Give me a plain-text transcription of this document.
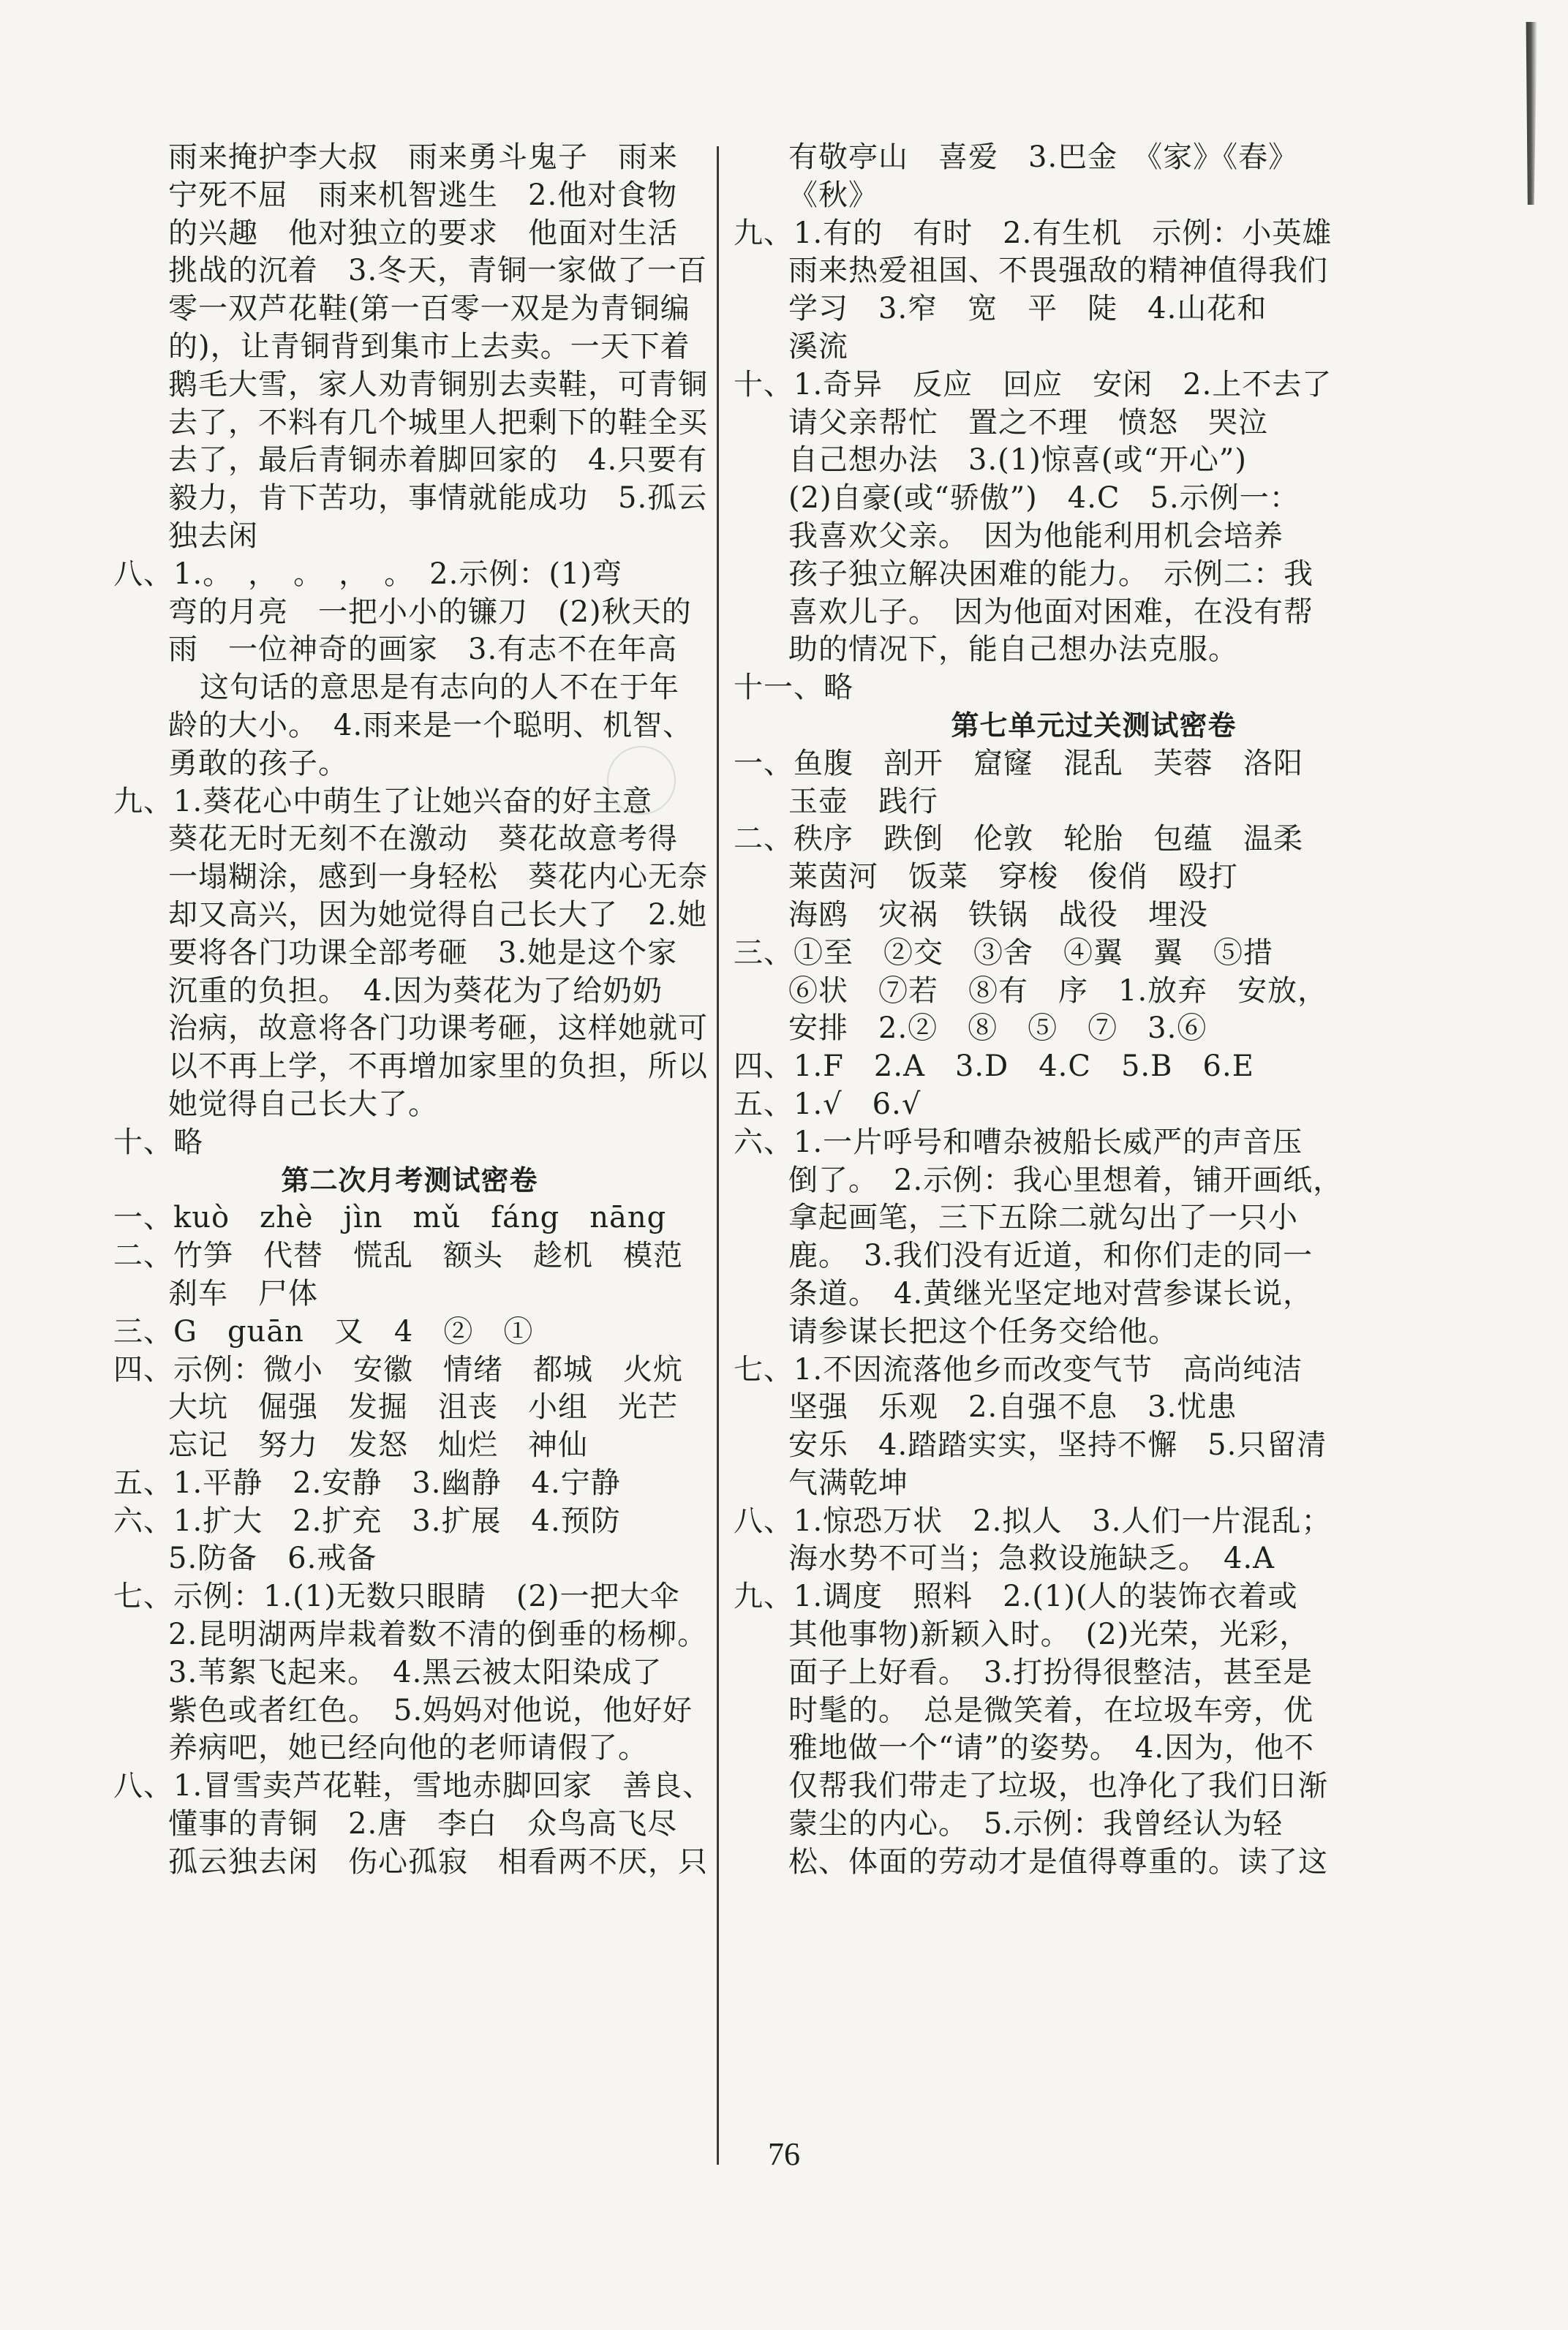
雨来掩护李大叔　雨来勇斗鬼子　雨来
宁死不屈　雨来机智逃生　2.他对食物
的兴趣　他对独立的要求　他面对生活
挑战的沉着　3.冬天，青铜一家做了一百
零一双芦花鞋(第一百零一双是为青铜编
的)，让青铜背到集市上去卖。一天下着
鹅毛大雪，家人劝青铜别去卖鞋，可青铜
去了，不料有几个城里人把剩下的鞋全买
去了，最后青铜赤着脚回家的　4.只要有
毅力，肯下苦功，事情就能成功　5.孤云
独去闲
八、1.。　，　。　，　。　2.示例：(1)弯
弯的月亮　一把小小的镰刀　(2)秋天的
雨　一位神奇的画家　3.有志不在年高
这句话的意思是有志向的人不在于年
龄的大小。　4.雨来是一个聪明、机智、
勇敢的孩子。
九、1.葵花心中萌生了让她兴奋的好主意
葵花无时无刻不在激动　葵花故意考得
一塌糊涂，感到一身轻松　葵花内心无奈
却又高兴，因为她觉得自己长大了　2.她
要将各门功课全部考砸　3.她是这个家
沉重的负担。　4.因为葵花为了给奶奶
治病，故意将各门功课考砸，这样她就可
以不再上学，不再增加家里的负担，所以
她觉得自己长大了。
十、略
第二次月考测试密卷
一、kuò　zhè　jìn　mǔ　fáng　nāng
二、竹笋　代替　慌乱　额头　趁机　模范
刹车　尸体
三、G　guān　又　4　②　①
四、示例：微小　安徽　情绪　都城　火炕
大坑　倔强　发掘　沮丧　小组　光芒
忘记　努力　发怒　灿烂　神仙
五、1.平静　2.安静　3.幽静　4.宁静
六、1.扩大　2.扩充　3.扩展　4.预防
5.防备　6.戒备
七、示例：1.(1)无数只眼睛　(2)一把大伞
2.昆明湖两岸栽着数不清的倒垂的杨柳。
3.苇絮飞起来。　4.黑云被太阳染成了
紫色或者红色。　5.妈妈对他说，他好好
养病吧，她已经向他的老师请假了。
八、1.冒雪卖芦花鞋，雪地赤脚回家　善良、
懂事的青铜　2.唐　李白　众鸟高飞尽
孤云独去闲　伤心孤寂　相看两不厌，只
有敬亭山　喜爱　3.巴金　《家》《春》
《秋》
九、1.有的　有时　2.有生机　示例：小英雄
雨来热爱祖国、不畏强敌的精神值得我们
学习　3.窄　宽　平　陡　4.山花和
溪流
十、1.奇异　反应　回应　安闲　2.上不去了
请父亲帮忙　置之不理　愤怒　哭泣
自己想办法　3.(1)惊喜(或“开心”)
(2)自豪(或“骄傲”)　4.C　5.示例一：
我喜欢父亲。　因为他能利用机会培养
孩子独立解决困难的能力。　示例二：我
喜欢儿子。　因为他面对困难，在没有帮
助的情况下，能自己想办法克服。
十一、略
第七单元过关测试密卷
一、鱼腹　剖开　窟窿　混乱　芙蓉　洛阳
玉壶　践行
二、秩序　跌倒　伦敦　轮胎　包蕴　温柔
莱茵河　饭菜　穿梭　俊俏　殴打
海鸥　灾祸　铁锅　战役　埋没
三、①至　②交　③舍　④翼　翼　⑤措
⑥状　⑦若　⑧有　序　1.放弃　安放，
安排　2.②　⑧　⑤　⑦　3.⑥
四、1.F　2.A　3.D　4.C　5.B　6.E
五、1.√　6.√
六、1.一片呼号和嘈杂被船长威严的声音压
倒了。　2.示例：我心里想着，铺开画纸，
拿起画笔，三下五除二就勾出了一只小
鹿。　3.我们没有近道，和你们走的同一
条道。　4.黄继光坚定地对营参谋长说，
请参谋长把这个任务交给他。
七、1.不因流落他乡而改变气节　高尚纯洁
坚强　乐观　2.自强不息　3.忧患
安乐　4.踏踏实实，坚持不懈　5.只留清
气满乾坤
八、1.惊恐万状　2.拟人　3.人们一片混乱；
海水势不可当；急救设施缺乏。　4.A
九、1.调度　照料　2.(1)(人的装饰衣着或
其他事物)新颖入时。　(2)光荣，光彩，
面子上好看。　3.打扮得很整洁，甚至是
时髦的。　总是微笑着，在垃圾车旁，优
雅地做一个“请”的姿势。　4.因为，他不
仅帮我们带走了垃圾，也净化了我们日渐
蒙尘的内心。　5.示例：我曾经认为轻
松、体面的劳动才是值得尊重的。读了这
76
